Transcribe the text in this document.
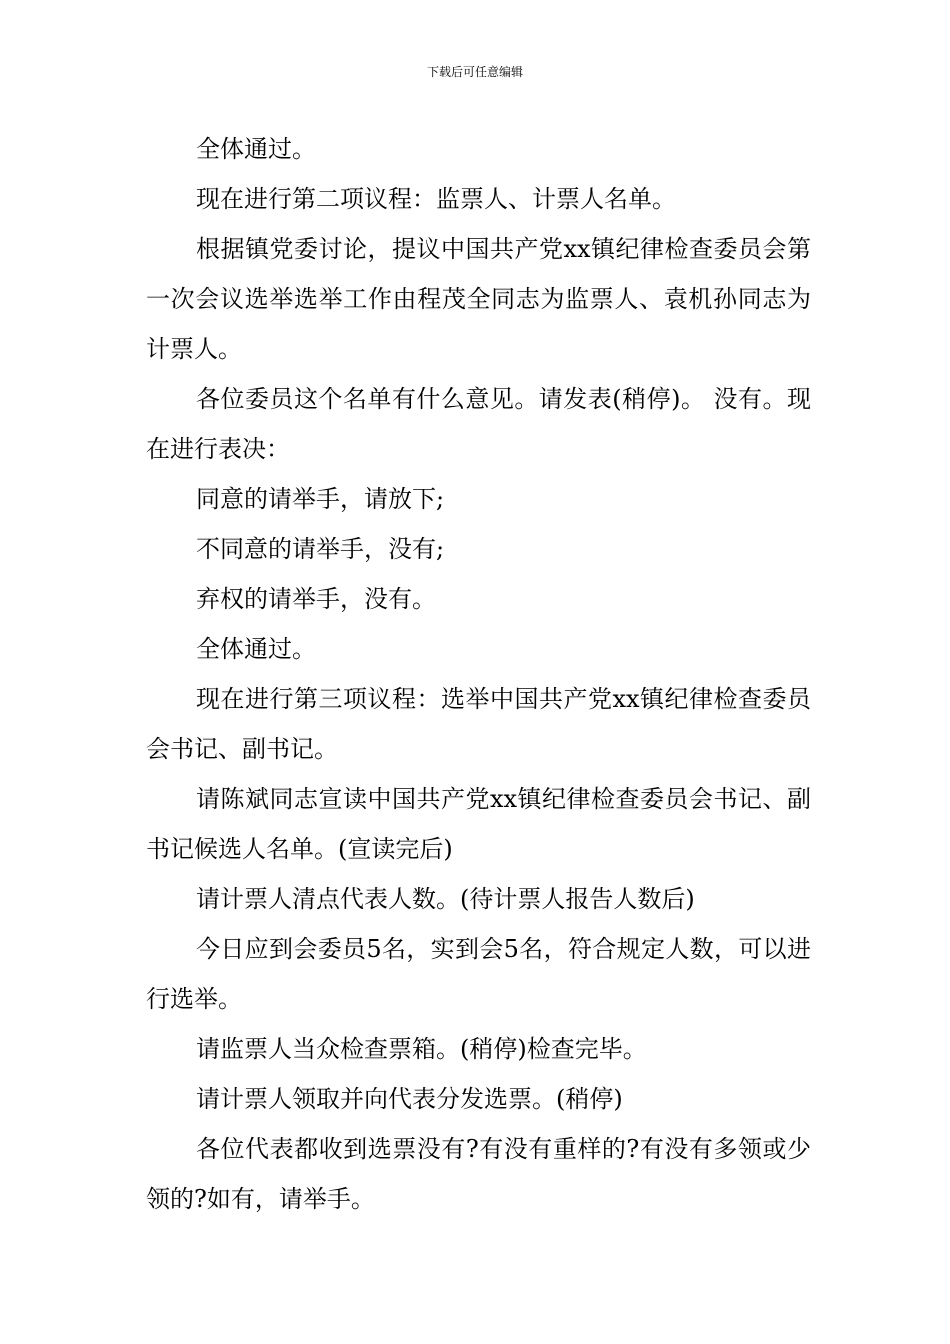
下载后可任意编辑

全体通过。

现在进行第二项议程：监票人、计票人名单。

根据镇党委讨论，提议中国共产党xx镇纪律检查委员会第一次会议选举选举工作由程茂全同志为监票人、袁机孙同志为计票人。

各位委员这个名单有什么意见。请发表(稍停)。 没有。现在进行表决：

同意的请举手，请放下;

不同意的请举手，没有;

弃权的请举手，没有。

全体通过。

现在进行第三项议程：选举中国共产党xx镇纪律检查委员会书记、副书记。

请陈斌同志宣读中国共产党xx镇纪律检查委员会书记、副书记候选人名单。(宣读完后)

请计票人清点代表人数。(待计票人报告人数后)

今日应到会委员5名，实到会5名，符合规定人数，可以进行选举。

请监票人当众检查票箱。(稍停)检查完毕。

请计票人领取并向代表分发选票。(稍停)

各位代表都收到选票没有?有没有重样的?有没有多领或少领的?如有，请举手。
